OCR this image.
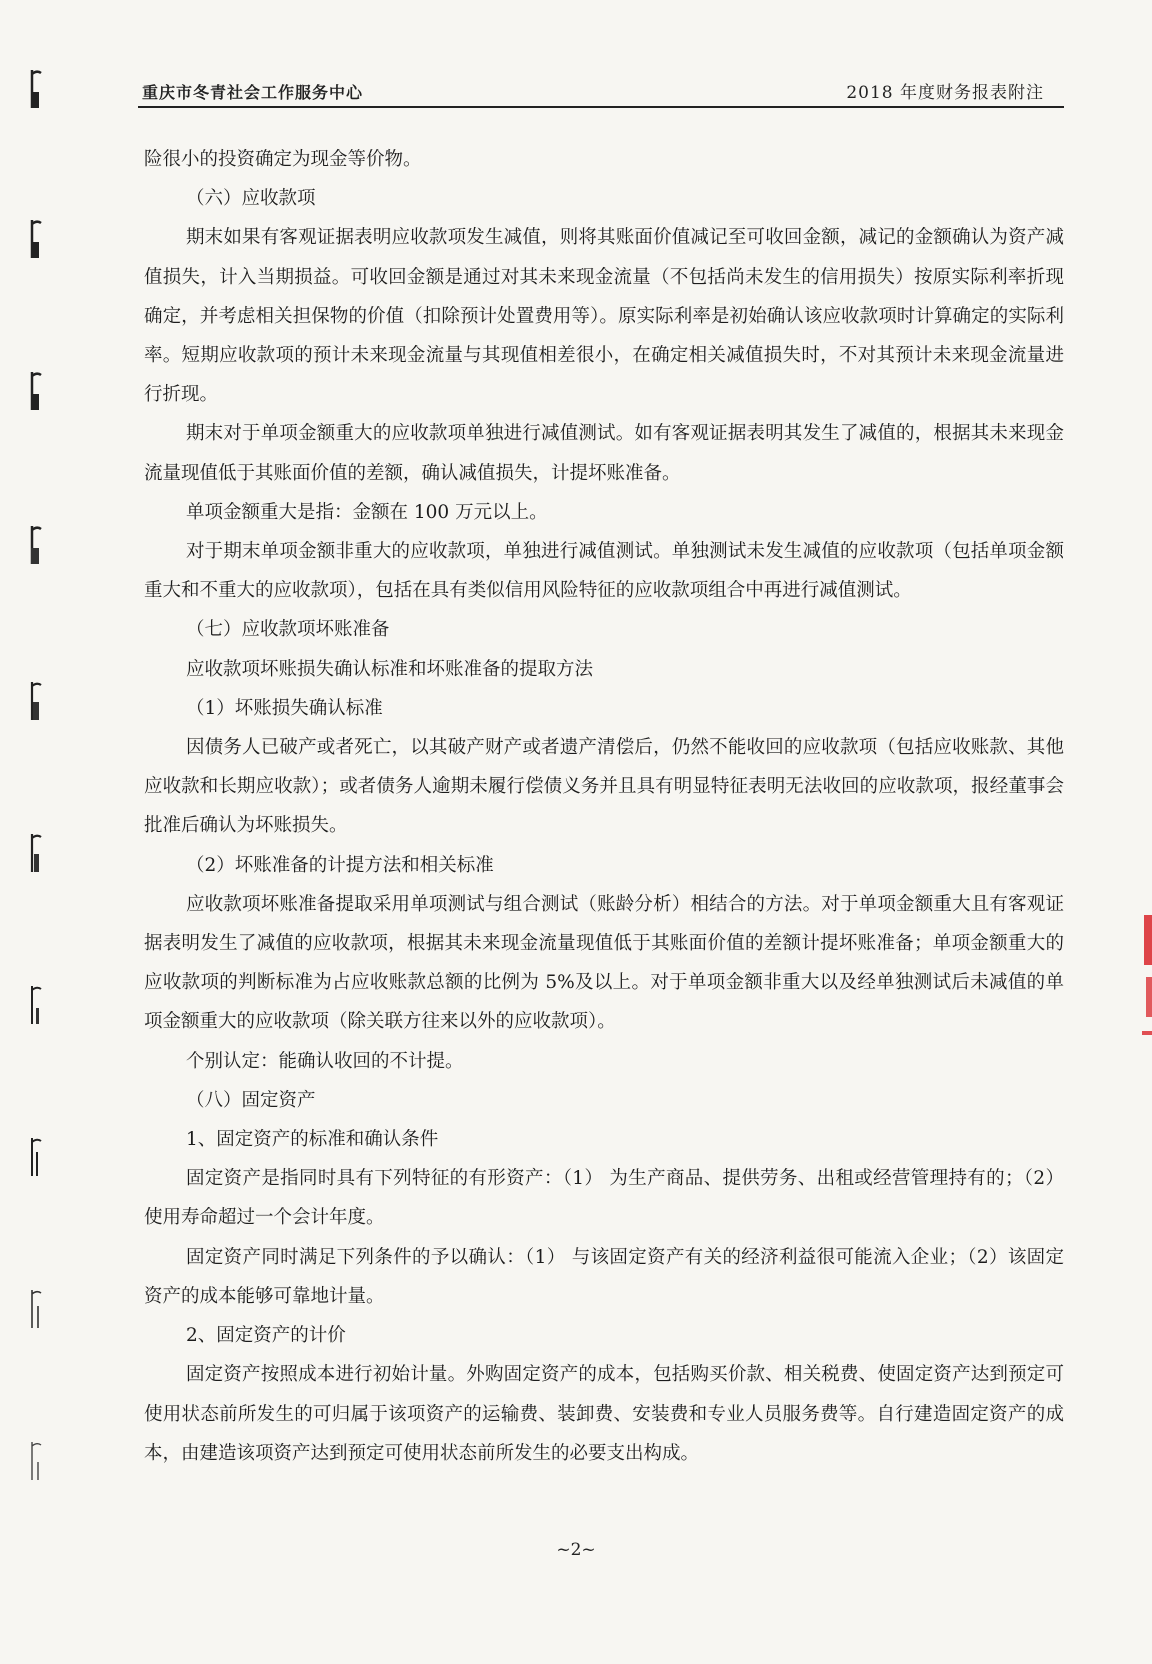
重庆市冬青社会工作服务中心	2018 年度财务报表附注

险很小的投资确定为现金等价物。

（六）应收款项

期末如果有客观证据表明应收款项发生减值，则将其账面价值减记至可收回金额，减记的金额确认为资产减值损失，计入当期损益。可收回金额是通过对其未来现金流量（不包括尚未发生的信用损失）按原实际利率折现确定，并考虑相关担保物的价值（扣除预计处置费用等）。原实际利率是初始确认该应收款项时计算确定的实际利率。短期应收款项的预计未来现金流量与其现值相差很小，在确定相关减值损失时，不对其预计未来现金流量进行折现。

期末对于单项金额重大的应收款项单独进行减值测试。如有客观证据表明其发生了减值的，根据其未来现金流量现值低于其账面价值的差额，确认减值损失，计提坏账准备。

单项金额重大是指：金额在 100 万元以上。

对于期末单项金额非重大的应收款项，单独进行减值测试。单独测试未发生减值的应收款项（包括单项金额重大和不重大的应收款项），包括在具有类似信用风险特征的应收款项组合中再进行减值测试。

（七）应收款项坏账准备

应收款项坏账损失确认标准和坏账准备的提取方法

（1）坏账损失确认标准

因债务人已破产或者死亡，以其破产财产或者遗产清偿后，仍然不能收回的应收款项（包括应收账款、其他应收款和长期应收款）；或者债务人逾期未履行偿债义务并且具有明显特征表明无法收回的应收款项，报经董事会批准后确认为坏账损失。

（2）坏账准备的计提方法和相关标准

应收款项坏账准备提取采用单项测试与组合测试（账龄分析）相结合的方法。对于单项金额重大且有客观证据表明发生了减值的应收款项，根据其未来现金流量现值低于其账面价值的差额计提坏账准备；单项金额重大的应收款项的判断标准为占应收账款总额的比例为 5%及以上。对于单项金额非重大以及经单独测试后未减值的单项金额重大的应收款项（除关联方往来以外的应收款项）。

个别认定：能确认收回的不计提。

（八）固定资产

1、固定资产的标准和确认条件

固定资产是指同时具有下列特征的有形资产：（1） 为生产商品、提供劳务、出租或经营管理持有的；（2） 使用寿命超过一个会计年度。

固定资产同时满足下列条件的予以确认：（1） 与该固定资产有关的经济利益很可能流入企业；（2）该固定资产的成本能够可靠地计量。

2、固定资产的计价

固定资产按照成本进行初始计量。外购固定资产的成本，包括购买价款、相关税费、使固定资产达到预定可使用状态前所发生的可归属于该项资产的运输费、装卸费、安装费和专业人员服务费等。自行建造固定资产的成本，由建造该项资产达到预定可使用状态前所发生的必要支出构成。

~2~
